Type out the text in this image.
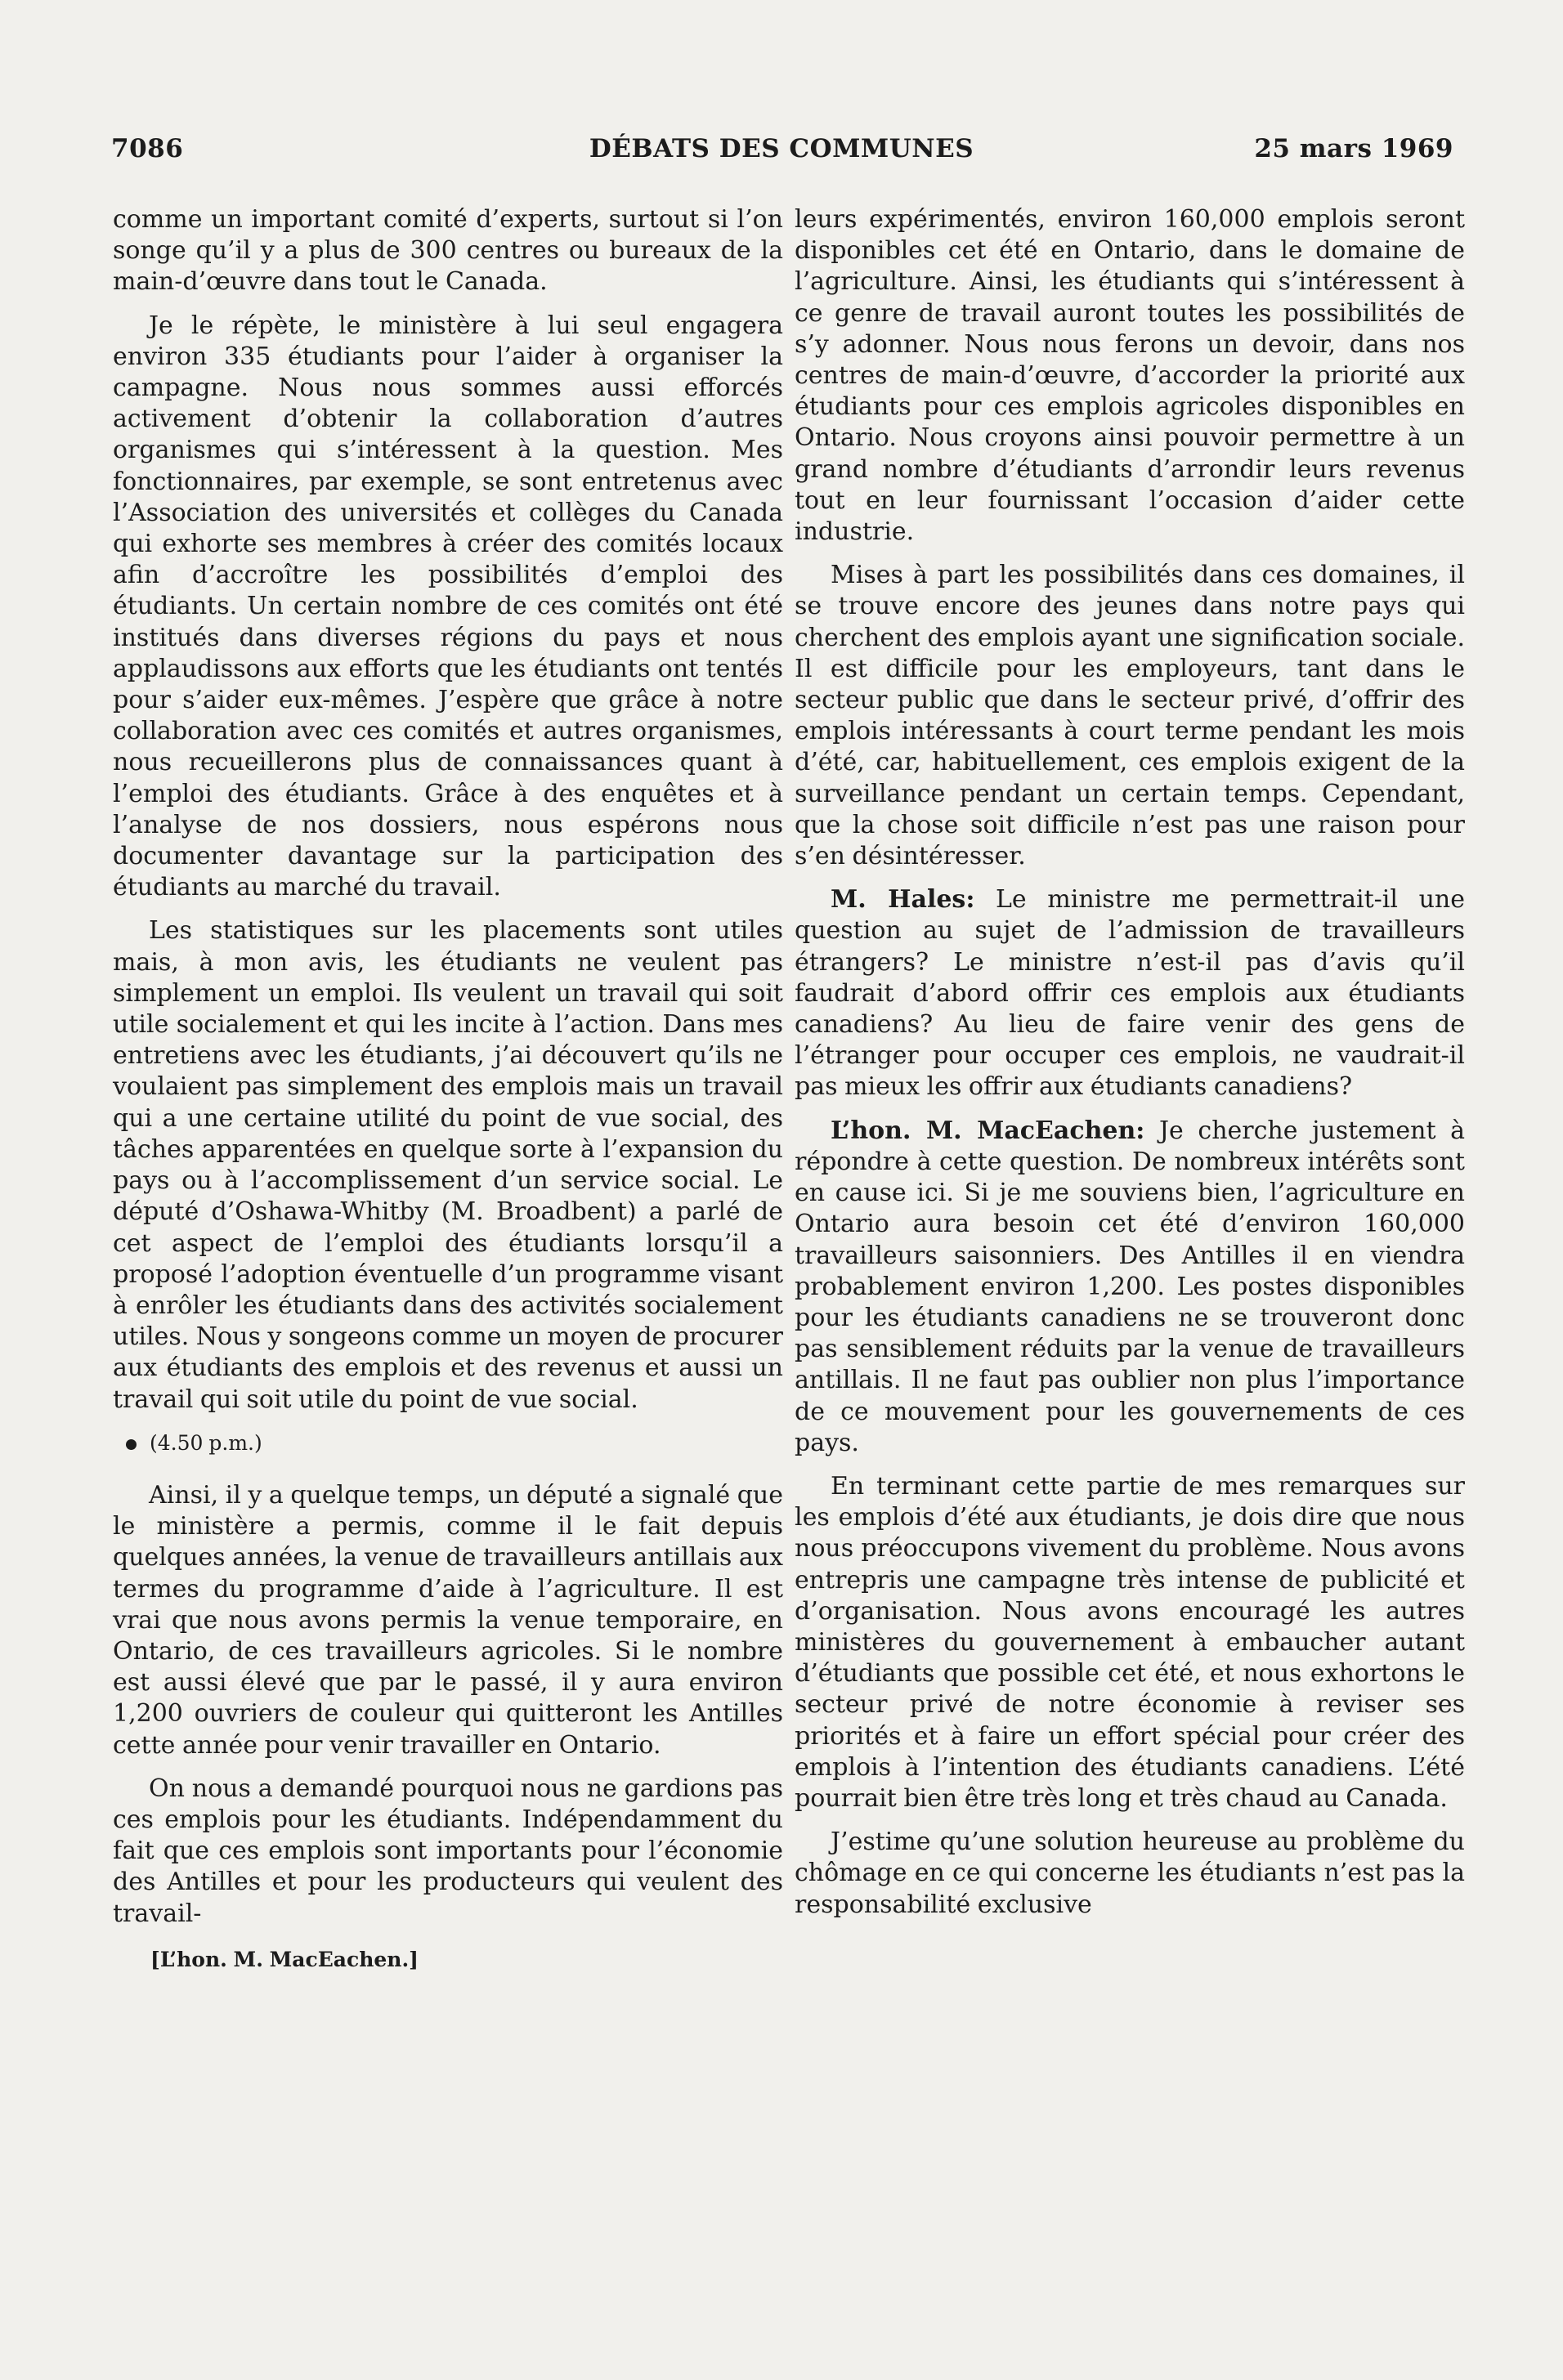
7086	DÉBATS DES COMMUNES	25 mars 1969

comme un important comité d’experts, surtout si l’on songe qu’il y a plus de 300 centres ou bureaux de la main-d’œuvre dans tout le Canada.

Je le répète, le ministère à lui seul engagera environ 335 étudiants pour l’aider à organiser la campagne. Nous nous sommes aussi efforcés activement d’obtenir la collaboration d’autres organismes qui s’intéressent à la question. Mes fonctionnaires, par exemple, se sont entretenus avec l’Association des universités et collèges du Canada qui exhorte ses membres à créer des comités locaux afin d’accroître les possibilités d’emploi des étudiants. Un certain nombre de ces comités ont été institués dans diverses régions du pays et nous applaudissons aux efforts que les étudiants ont tentés pour s’aider eux-mêmes. J’espère que grâce à notre collaboration avec ces comités et autres organismes, nous recueillerons plus de connaissances quant à l’emploi des étudiants. Grâce à des enquêtes et à l’analyse de nos dossiers, nous espérons nous documenter davantage sur la participation des étudiants au marché du travail.

Les statistiques sur les placements sont utiles mais, à mon avis, les étudiants ne veulent pas simplement un emploi. Ils veulent un travail qui soit utile socialement et qui les incite à l’action. Dans mes entretiens avec les étudiants, j’ai découvert qu’ils ne voulaient pas simplement des emplois mais un travail qui a une certaine utilité du point de vue social, des tâches apparentées en quelque sorte à l’expansion du pays ou à l’accomplissement d’un service social. Le député d’Oshawa-Whitby (M. Broadbent) a parlé de cet aspect de l’emploi des étudiants lorsqu’il a proposé l’adoption éventuelle d’un programme visant à enrôler les étudiants dans des activités socialement utiles. Nous y songeons comme un moyen de procurer aux étudiants des emplois et des revenus et aussi un travail qui soit utile du point de vue social.

(4.50 p.m.)

Ainsi, il y a quelque temps, un député a signalé que le ministère a permis, comme il le fait depuis quelques années, la venue de travailleurs antillais aux termes du programme d’aide à l’agriculture. Il est vrai que nous avons permis la venue temporaire, en Ontario, de ces travailleurs agricoles. Si le nombre est aussi élevé que par le passé, il y aura environ 1,200 ouvriers de couleur qui quitteront les Antilles cette année pour venir travailler en Ontario.

On nous a demandé pourquoi nous ne gardions pas ces emplois pour les étudiants. Indépendamment du fait que ces emplois sont importants pour l’économie des Antilles et pour les producteurs qui veulent des travail-

[L’hon. M. MacEachen.]

leurs expérimentés, environ 160,000 emplois seront disponibles cet été en Ontario, dans le domaine de l’agriculture. Ainsi, les étudiants qui s’intéressent à ce genre de travail auront toutes les possibilités de s’y adonner. Nous nous ferons un devoir, dans nos centres de main-d’œuvre, d’accorder la priorité aux étudiants pour ces emplois agricoles disponibles en Ontario. Nous croyons ainsi pouvoir permettre à un grand nombre d’étudiants d’arrondir leurs revenus tout en leur fournissant l’occasion d’aider cette industrie.

Mises à part les possibilités dans ces domaines, il se trouve encore des jeunes dans notre pays qui cherchent des emplois ayant une signification sociale. Il est difficile pour les employeurs, tant dans le secteur public que dans le secteur privé, d’offrir des emplois intéressants à court terme pendant les mois d’été, car, habituellement, ces emplois exigent de la surveillance pendant un certain temps. Cependant, que la chose soit difficile n’est pas une raison pour s’en désintéresser.

M. Hales: Le ministre me permettrait-il une question au sujet de l’admission de travailleurs étrangers? Le ministre n’est-il pas d’avis qu’il faudrait d’abord offrir ces emplois aux étudiants canadiens? Au lieu de faire venir des gens de l’étranger pour occuper ces emplois, ne vaudrait-il pas mieux les offrir aux étudiants canadiens?

L’hon. M. MacEachen: Je cherche justement à répondre à cette question. De nombreux intérêts sont en cause ici. Si je me souviens bien, l’agriculture en Ontario aura besoin cet été d’environ 160,000 travailleurs saisonniers. Des Antilles il en viendra probablement environ 1,200. Les postes disponibles pour les étudiants canadiens ne se trouveront donc pas sensiblement réduits par la venue de travailleurs antillais. Il ne faut pas oublier non plus l’importance de ce mouvement pour les gouvernements de ces pays.

En terminant cette partie de mes remarques sur les emplois d’été aux étudiants, je dois dire que nous nous préoccupons vivement du problème. Nous avons entrepris une campagne très intense de publicité et d’organisation. Nous avons encouragé les autres ministères du gouvernement à embaucher autant d’étudiants que possible cet été, et nous exhortons le secteur privé de notre économie à reviser ses priorités et à faire un effort spécial pour créer des emplois à l’intention des étudiants canadiens. L’été pourrait bien être très long et très chaud au Canada.

J’estime qu’une solution heureuse au problème du chômage en ce qui concerne les étudiants n’est pas la responsabilité exclusive
